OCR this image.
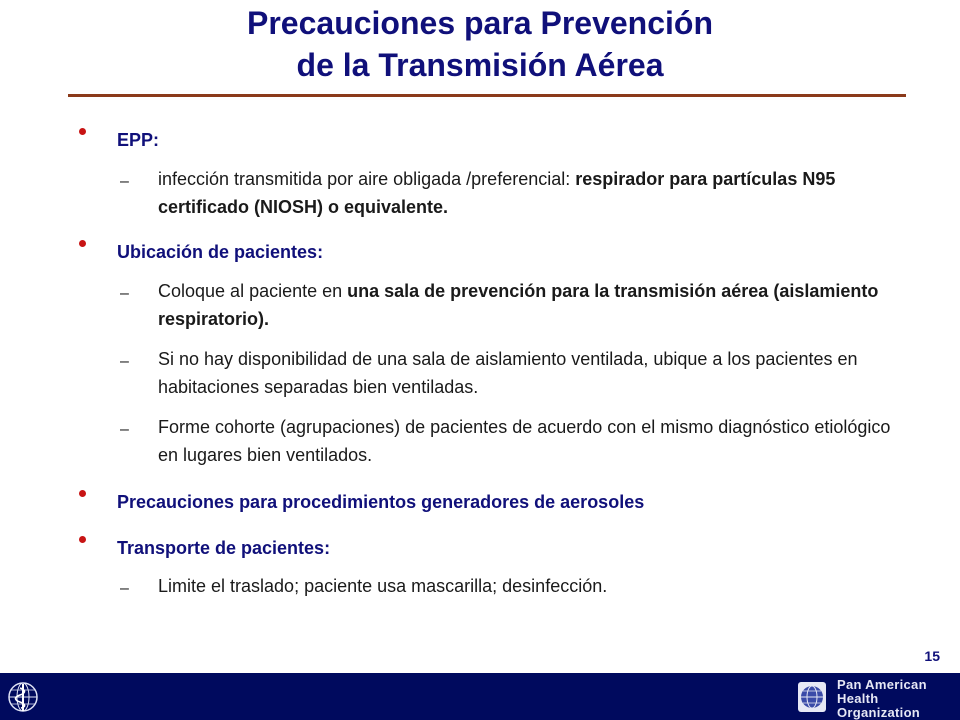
Precauciones para Prevención
de la Transmisión Aérea
EPP:
– infección transmitida por aire obligada /preferencial: respirador para partículas N95 certificado (NIOSH) o equivalente.
Ubicación de pacientes:
– Coloque al paciente en una sala de prevención para la transmisión aérea (aislamiento respiratorio).
– Si no hay disponibilidad de una sala de aislamiento ventilada, ubique a los pacientes en habitaciones separadas bien ventiladas.
– Forme cohorte (agrupaciones) de pacientes de acuerdo con el mismo diagnóstico etiológico en lugares bien ventilados.
Precauciones para procedimientos generadores de aerosoles
Transporte de pacientes:
– Limite el traslado; paciente usa mascarilla; desinfección.
15
Pan American
Health
Organization
